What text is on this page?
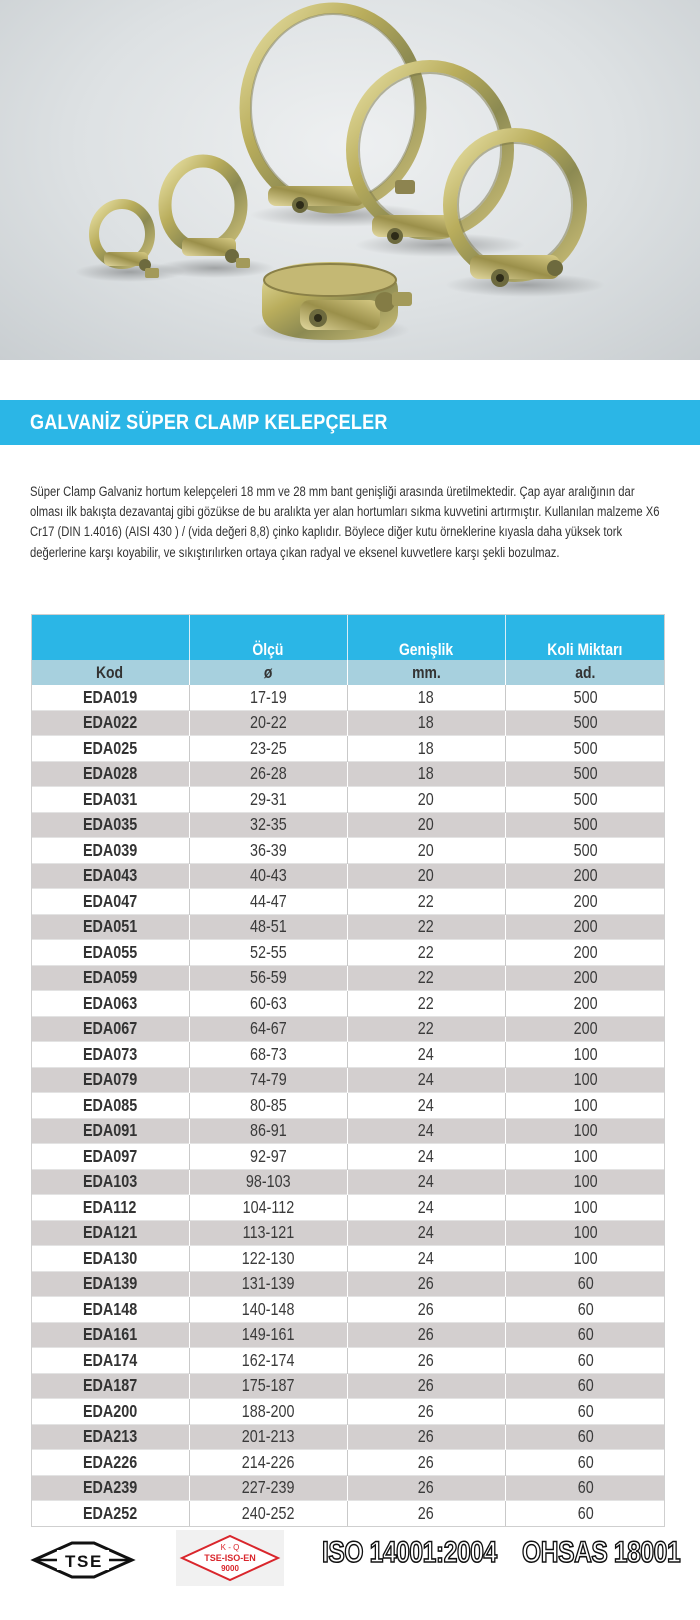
GALVANİZ SÜPER CLAMP KELEPÇELER
Süper Clamp Galvaniz hortum kelepçeleri 18 mm ve 28 mm bant genişliği arasında üretilmektedir. Çap ayar aralığının dar olması ilk bakışta dezavantaj gibi gözükse de bu aralıkta yer alan hortumları sıkma kuvvetini artırmıştır. Kullanılan malzeme X6 Cr17 (DIN 1.4016) (AISI 430 ) / (vida değeri 8,8) çinko kaplıdır. Böylece diğer kutu örneklerine kıyasla daha yüksek tork değerlerine karşı koyabilir, ve sıkıştırılırken ortaya çıkan radyal ve eksenel kuvvetlere karşı şekli bozulmaz.
	Ölçü	Genişlik	Koli Miktarı
Kod	ø	mm.	ad.
EDA019	17-19	18	500
EDA022	20-22	18	500
EDA025	23-25	18	500
EDA028	26-28	18	500
EDA031	29-31	20	500
EDA035	32-35	20	500
EDA039	36-39	20	500
EDA043	40-43	20	200
EDA047	44-47	22	200
EDA051	48-51	22	200
EDA055	52-55	22	200
EDA059	56-59	22	200
EDA063	60-63	22	200
EDA067	64-67	22	200
EDA073	68-73	24	100
EDA079	74-79	24	100
EDA085	80-85	24	100
EDA091	86-91	24	100
EDA097	92-97	24	100
EDA103	98-103	24	100
EDA112	104-112	24	100
EDA121	113-121	24	100
EDA130	122-130	24	100
EDA139	131-139	26	60
EDA148	140-148	26	60
EDA161	149-161	26	60
EDA174	162-174	26	60
EDA187	175-187	26	60
EDA200	188-200	26	60
EDA213	201-213	26	60
EDA226	214-226	26	60
EDA239	227-239	26	60
EDA252	240-252	26	60
T S E
K - Q
TSE-ISO-EN
9000	ISO 14001:2004 OHSAS 18001
